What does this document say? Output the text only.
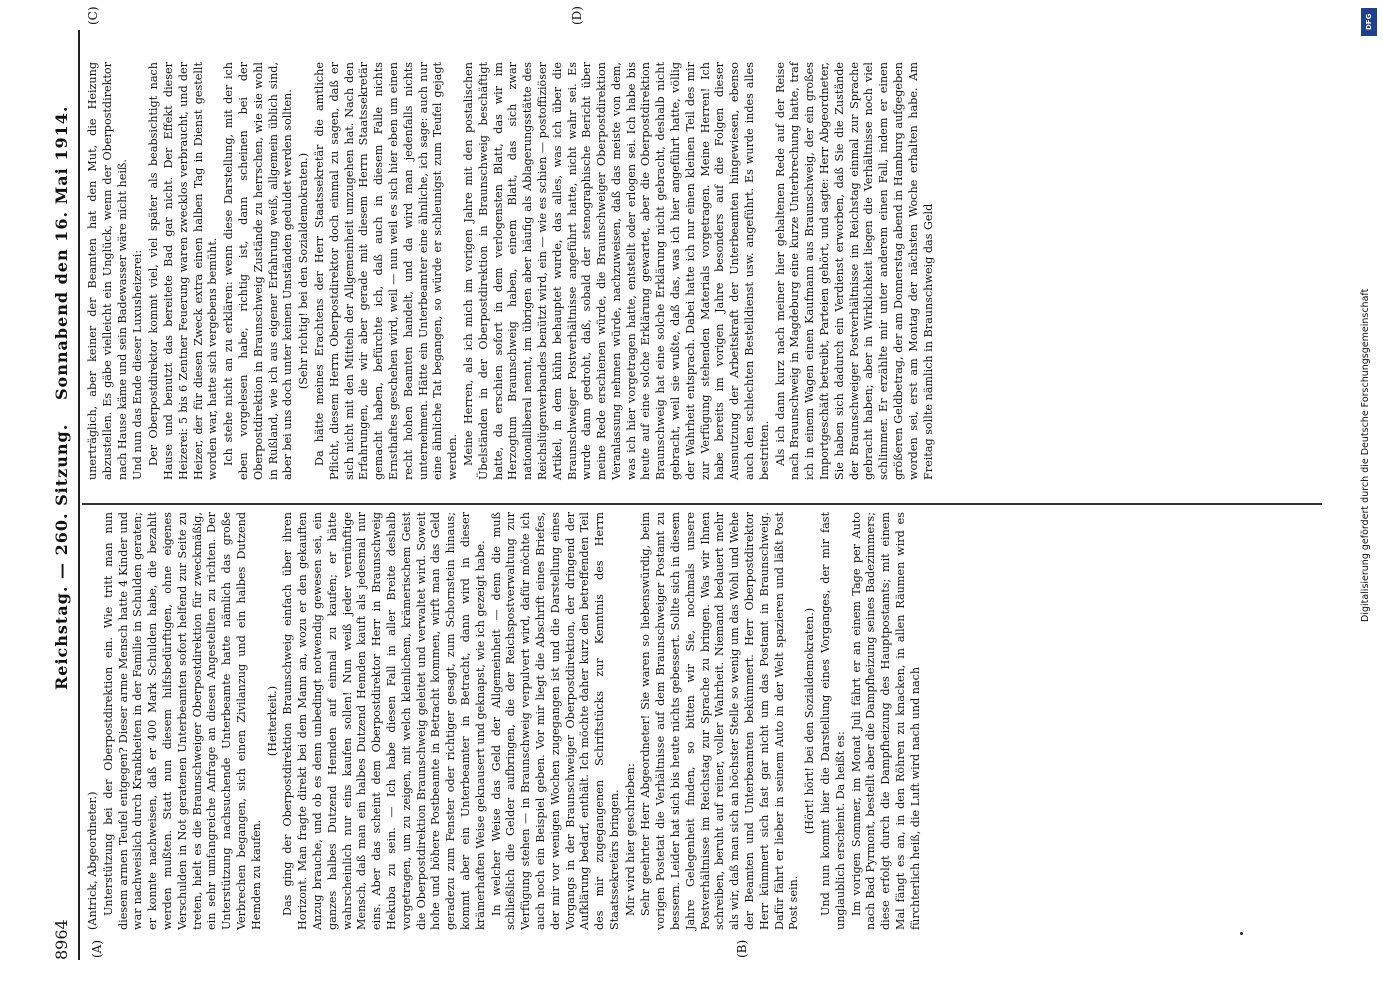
8964
Reichstag. — 260. Sitzung.
Sonnabend den 16. Mai 1914.
(A)	(B)
(C)	(D)

(Antrick, Abgeordneter.) Unterstützung bei der Oberpostdirektion ein. Wie tritt man nun diesem armen Teufel entgegen? Dieser arme Mensch hatte 4 Kinder und war nachweislich durch Krankheiten in der Familie in Schulden geraten; er konnte nachweisen, daß er 400 Mark Schulden habe, die bezahlt werden mußten. Statt nun diesem hilfsbedürftigen, ohne eigenes Verschulden in Not geratenen Unterbeamten sofort helfend zur Seite zu treten, hielt es die Braunschweiger Oberpostdirektion für zweckmäßig, ein sehr umfangreiche Anfrage an diesen Angestellten zu richten. Der Unterstützung nachsuchende Unterbeamte hatte nämlich das große Verbrechen begangen, sich einen Zivilanzug und ein halbes Dutzend Hemden zu kaufen.

(Heiterkeit.) Das ging der Oberpostdirektion Braunschweig einfach über ihren Horizont. Man fragte direkt bei dem Mann an, wozu er den gekauften Anzug brauche, und ob es denn unbedingt notwendig gewesen sei, ein ganzes halbes Dutzend Hemden auf einmal zu kaufen; er hätte wahrscheinlich nur eins kaufen sollen! Nun weiß jeder vernünftige Mensch, daß man ein halbes Dutzend Hemden kauft als jedesmal nur eins. Aber das scheint dem Oberpostdirektor Herr in Braunschweig Hekuba zu sein. — Ich habe diesen Fall in aller Breite deshalb vorgetragen, um zu zeigen, mit welch kleinlichem, krämerischem Geist die Oberpostdirektion Braunschweig geleitet und verwaltet wird. Soweit hohe und höhere Postbeamte in Betracht kommen, wirft man das Geld geradezu zum Fenster oder richtiger gesagt, zum Schornstein hinaus; kommt aber ein Unterbeamter in Betracht, dann wird in dieser krämerhaften Weise geknausert und geknapst, wie ich gezeigt habe. In welcher Weise das Geld der Allgemeinheit — denn die muß schließlich die Gelder aufbringen, die der Reichspostverwaltung zur Verfügung stehen — in Braunschweig verpulvert wird, dafür möchte ich auch noch ein Beispiel geben. Vor mir liegt die Abschrift eines Briefes, der mir vor wenigen Wochen zugegangen ist und die Darstellung eines Vorgangs in der Braunschweiger Oberpostdirektion, der dringend der Aufklärung bedarf, enthält. Ich möchte daher kurz den betreffenden Teil des mir zugegangenen Schriftstücks zur Kenntnis des Herrn Staatssekretärs bringen. Mir wird hier geschrieben: Sehr geehrter Herr Abgeordneter! Sie waren so liebenswürdig, beim vorigen Postetat die Verhältnisse auf dem Braunschweiger Postamt zu bessern. Leider hat sich bis heute nichts gebessert. Sollte sich in diesem Jahre Gelegenheit finden, so bitten wir Sie, nochmals unsere Postverhältnisse im Reichstag zur Sprache zu bringen. Was wir Ihnen schreiben, beruht auf reiner, voller Wahrheit. Niemand bedauert mehr als wir, daß man sich an höchster Stelle so wenig um das Wohl und Wehe der Beamten und Unterbeamten bekümmert. Herr Oberpostdirektor Herr kümmert sich fast gar nicht um das Postamt in Braunschweig. Dafür fährt er lieber in seinem Auto in der Welt spazieren und läßt Post Post sein.

(Hört! hört! bei den Sozialdemokraten.) Und nun kommt hier die Darstellung eines Vorganges, der mir fast unglaublich erscheint. Da heißt es: Im vorigen Sommer, im Monat Juli fährt er an einem Tage per Auto nach Bad Pyrmont, bestellt aber die Dampfheizung seines Badezimmers; diese erfolgt durch die Dampfheizung des Hauptpostamts; mit einem Mal fängt es an, in den Röhren zu knacken, in allen Räumen wird es fürchterlich heiß, die Luft wird nach und nach

unerträglich, aber keiner der Beamten hat den Mut, die Heizung abzustellen. Es gäbe vielleicht ein Unglück, wenn der Oberpostdirektor nach Hause käme und sein Badewasser wäre nicht heiß. Und nun das Ende dieser Luxusheizerei: Der Oberpostdirektor kommt viel, viel später als beabsichtigt nach Hause und benutzt das bereitete Bad gar nicht. Der Effekt dieser Heizerei: 5 bis 6 Zentner Feuerung waren zwecklos verbraucht, und der Heizer, der für diesen Zweck extra einen halben Tag in Dienst gestellt worden war, hatte sich vergebens bemüht. Ich stehe nicht an zu erklären: wenn diese Darstellung, mit der ich eben vorgelesen habe, richtig ist, dann scheinen bei der Oberpostdirektion in Braunschweig Zustände zu herrschen, wie sie wohl in Rußland, wie ich aus eigener Erfahrung weiß, allgemein üblich sind, aber bei uns doch unter keinen Umständen geduldet werden sollten. (Sehr richtig! bei den Sozialdemokraten.) Da hätte meines Erachtens der Herr Staatssekretär die amtliche Pflicht, diesem Herrn Oberpostdirektor doch einmal zu sagen, daß er sich nicht mit den Mitteln der Allgemeinheit umzugehen hat. Nach den Erfahrungen, die wir aber gerade mit diesem Herrn Staatssekretär gemacht haben, befürchte ich, daß auch in diesem Falle nichts Ernsthaftes geschehen wird, weil — nun weil es sich hier eben um einen recht hohen Beamten handelt, und da wird man jedenfalls nichts unternehmen. Hätte ein Unterbeamter eine ähnliche, ich sage: auch nur eine ähnliche Tat begangen, so würde er schleunigst zum Teufel gejagt werden. Meine Herren, als ich mich im vorigen Jahre mit den postalischen Übelständen in der Oberpostdirektion in Braunschweig beschäftigt hatte, da erschien sofort in dem verlogensten Blatt, das wir im Herzogtum Braunschweig haben, einem Blatt, das sich zwar nationalliberal nennt, im übrigen aber häufig als Ablagerungsstätte des Reichslügenverbandes benützt wird, ein — wie es schien — postoffiziöser Artikel, in dem kühn behauptet wurde, das alles, was ich über die Braunschweiger Postverhältnisse angeführt hatte, nicht wahr sei. Es wurde dann gedroht, daß, sobald der stenographische Bericht über meine Rede erschienen würde, die Braunschweiger Oberpostdirektion Veranlassung nehmen würde, nachzuweisen, daß das meiste von dem, was ich hier vorgetragen hatte, entstellt oder erlogen sei. Ich habe bis heute auf eine solche Erklärung gewartet, aber die Oberpostdirektion Braunschweig hat eine solche Erklärung nicht gebracht, deshalb nicht gebracht, weil sie wußte, daß das, was ich hier angeführt hatte, völlig der Wahrheit entsprach. Dabei hatte ich nur einen kleinen Teil des mir zur Verfügung stehenden Materials vorgetragen. Meine Herren! Ich habe bereits im vorigen Jahre besonders auf die Folgen dieser Ausnutzung der Arbeitskraft der Unterbeamten hingewiesen, ebenso auch den schlechten Bestelldienst usw. angeführt. Es wurde indes alles bestritten. Als ich dann kurz nach meiner hier gehaltenen Rede auf der Reise nach Braunschweig in Magdeburg eine kurze Unterbrechung hatte, traf ich in einem Wagen einen Kaufmann aus Braunschweig, der ein großes Importgeschäft betreibt, Parteien gehört, und sagte: Herr Abgeordneter, Sie haben sich dadurch ein Verdienst erworben, daß Sie die Zustände der Braunschweiger Postverhältnisse im Reichstag einmal zur Sprache gebracht haben; aber in Wirklichkeit liegen die Verhältnisse noch viel schlimmer. Er erzählte mir unter anderem einen Fall, indem er einen größeren Geldbetrag, der am Donnerstag abend in Hamburg aufgegeben worden sei, erst am Montag der nächsten Woche erhalten habe. Am Freitag sollte nämlich in Braunschweig das Geld

DFG
Digitalisierung gefördert durch die Deutsche Forschungsgemeinschaft
